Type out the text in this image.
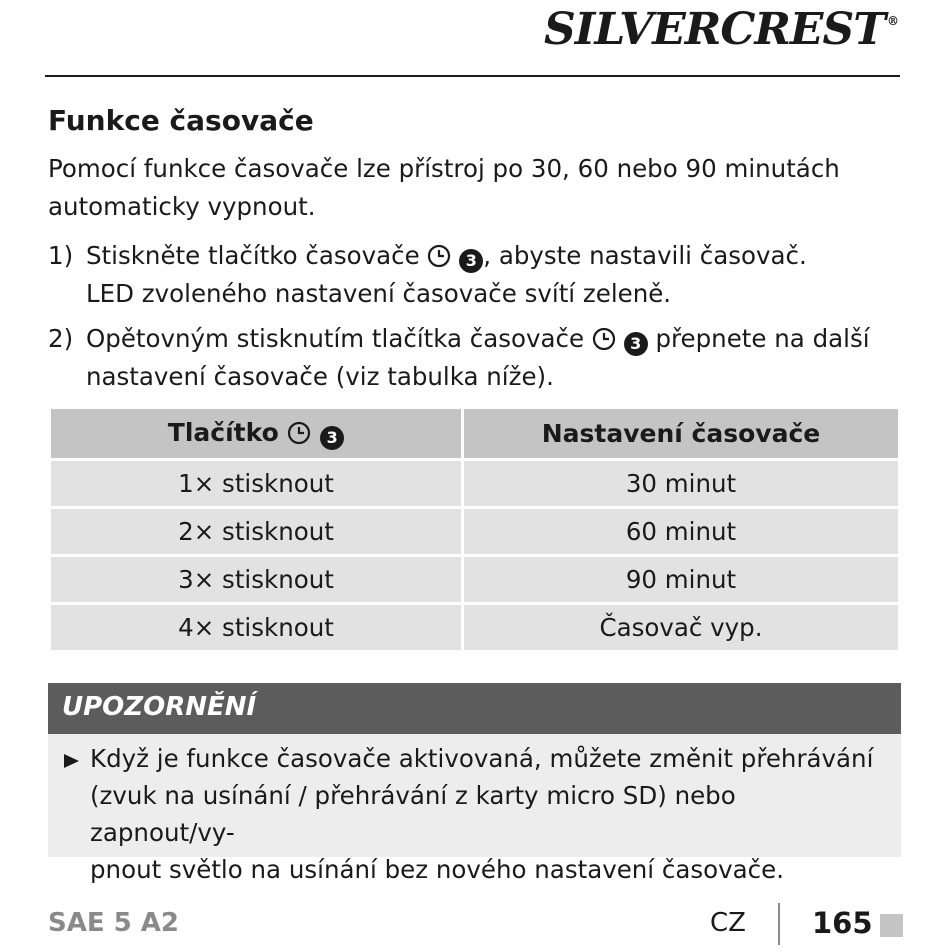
SILVERCREST ®
Funkce časovače

Pomocí funkce časovače lze přístroj po 30, 60 nebo 90 minutách automaticky vypnout.

1) Stiskněte tlačítko časovače  3 , abyste nastavili časovač.
LED zvoleného nastavení časovače svítí zeleně.
2) Opětovným stisknutím tlačítka časovače  3 přepnete na další
nastavení časovače (viz tabulka níže).
Tlačítko 3	Nastavení časovače
1× stisknout	30 minut
2× stisknout	60 minut
3× stisknout	90 minut
4× stisknout	Časovač vyp.
UPOZORNĚNÍ
Když je funkce časovače aktivovaná, můžete změnit přehrávání
(zvuk na usínání / přehrávání z karty micro SD) nebo zapnout/vy-
pnout světlo na usínání bez nového nastavení časovače.
SAE 5 A2	CZ 165
